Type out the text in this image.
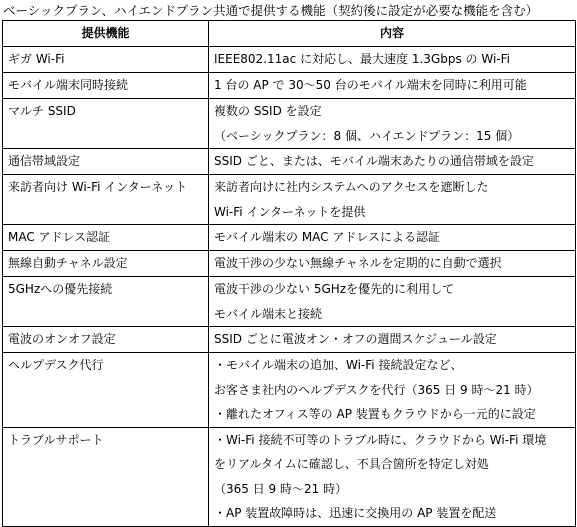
ベーシックプラン、ハイエンドプラン共通で提供する機能（契約後に設定が必要な機能を含む）
提供機能	内容
ギガ Wi-Fi	IEEE802.11ac に対応し、最大速度 1.3Gbps の Wi-Fi

モバイル端末同時接続	1 台の AP で 30～50 台のモバイル端末を同時に利用可能

マルチ SSID	複数の SSID を設定
（ベーシックプラン：8 個、ハイエンドプラン：15 個）

通信帯域設定	SSID ごと、または、モバイル端末あたりの通信帯域を設定

来訪者向け Wi-Fi インターネット	来訪者向けに社内システムへのアクセスを遮断した
Wi-Fi インターネットを提供

MAC アドレス認証	モバイル端末の MAC アドレスによる認証

無線自動チャネル設定	電波干渉の少ない無線チャネルを定期的に自動で選択

5GHzへの優先接続	電波干渉の少ない 5GHzを優先的に利用して
モバイル端末と接続

電波のオンオフ設定	SSID ごとに電波オン・オフの週間スケジュール設定

ヘルプデスク代行	・モバイル端末の追加、Wi-Fi 接続設定など、
お客さま社内のヘルプデスクを代行（365 日 9 時～21 時）
・離れたオフィス等の AP 装置もクラウドから一元的に設定

トラブルサポート	・Wi-Fi 接続不可等のトラブル時に、クラウドから Wi-Fi 環境
をリアルタイムに確認し、不具合箇所を特定し対処
（365 日 9 時～21 時）
・AP 装置故障時は、迅速に交換用の AP 装置を配送
